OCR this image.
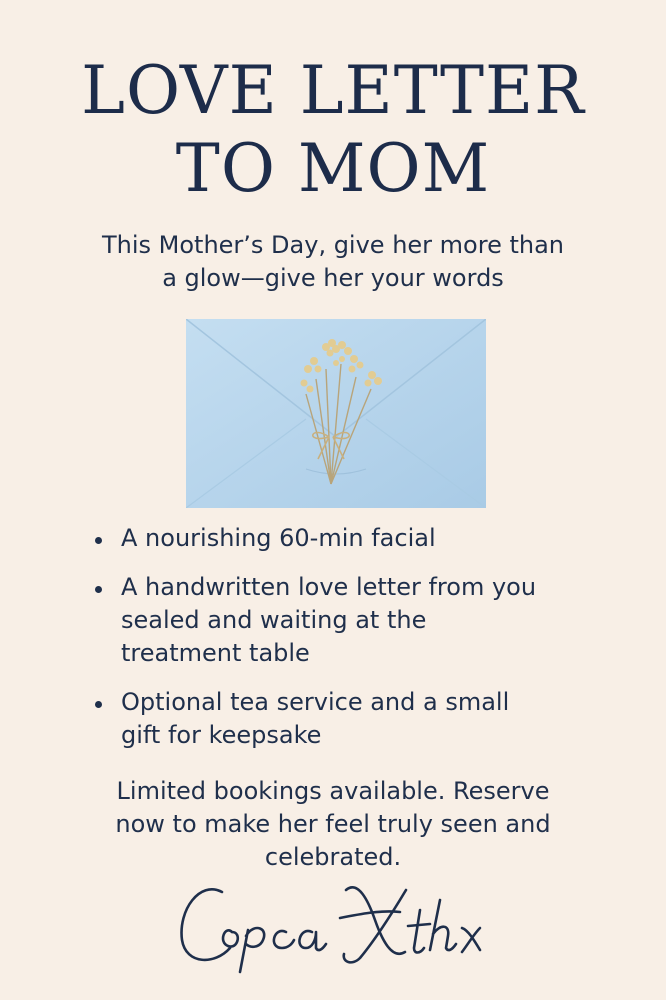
LOVE LETTER
TO MOM
This Mother’s Day, give her more than
a glow—give her your words
A nourishing 60-min facial
A handwritten love letter from you
sealed and waiting at the
treatment table
Optional tea service and a small
gift for keepsake
Limited bookings available. Reserve
now to make her feel truly seen and
celebrated.
